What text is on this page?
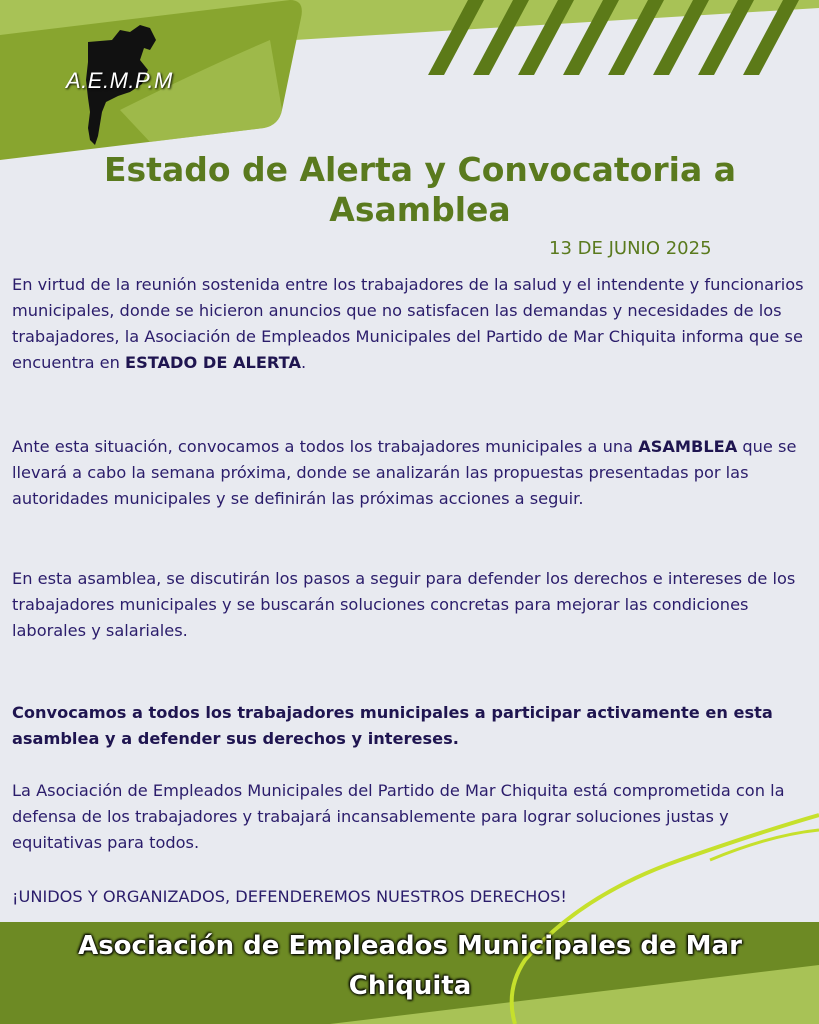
A.E.M.P.M
Estado de Alerta y Convocatoria a Asamblea
13 DE JUNIO 2025

En virtud de la reunión sostenida entre los trabajadores de la salud y el intendente y funcionarios municipales, donde se hicieron anuncios que no satisfacen las demandas y necesidades de los trabajadores, la Asociación de Empleados Municipales del Partido de Mar Chiquita informa que se encuentra en ESTADO DE ALERTA.

Ante esta situación, convocamos a todos los trabajadores municipales a una ASAMBLEA que se llevará a cabo la semana próxima, donde se analizarán las propuestas presentadas por las autoridades municipales y se definirán las próximas acciones a seguir.

En esta asamblea, se discutirán los pasos a seguir para defender los derechos e intereses de los trabajadores municipales y se buscarán soluciones concretas para mejorar las condiciones laborales y salariales.

Convocamos a todos los trabajadores municipales a participar activamente en esta asamblea y a defender sus derechos y intereses.

La Asociación de Empleados Municipales del Partido de Mar Chiquita está comprometida con la defensa de los trabajadores y trabajará incansablemente para lograr soluciones justas y equitativas para todos.

¡UNIDOS Y ORGANIZADOS, DEFENDEREMOS NUESTROS DERECHOS!

Asociación de Empleados Municipales de Mar Chiquita
